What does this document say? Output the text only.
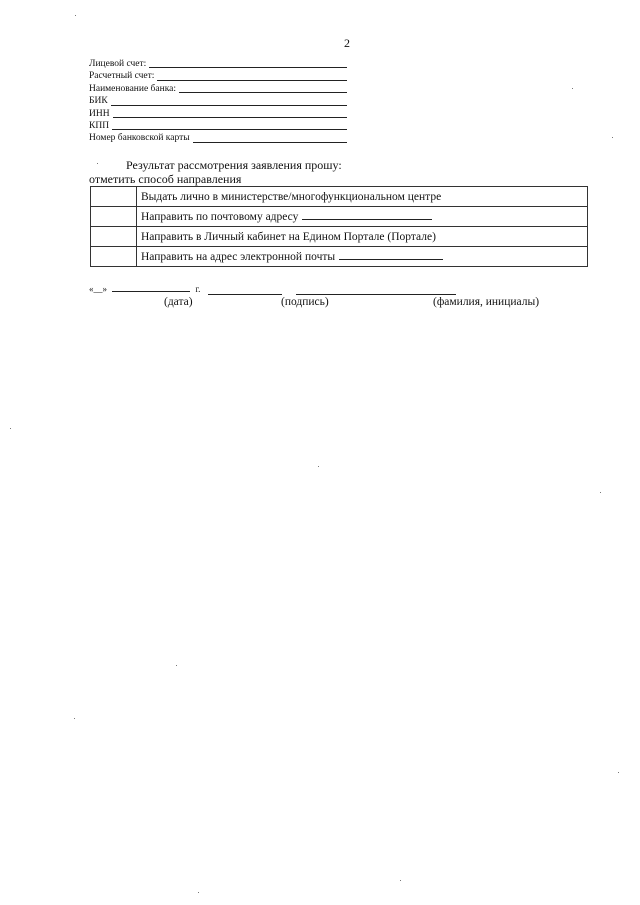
2
Лицевой счет:
Расчетный счет:
Наименование банка:
БИК
ИНН
КПП
Номер банковской карты
Результат рассмотрения заявления прошу:
отметить способ направления
	Выдать лично в министерстве/многофункциональном центре
	Направить по почтовому адресу
	Направить в Личный кабинет на Едином Портале (Портале)
	Направить на адрес электронной почты
«__»	г.
(дата)	(подпись)	(фамилия, инициалы)
